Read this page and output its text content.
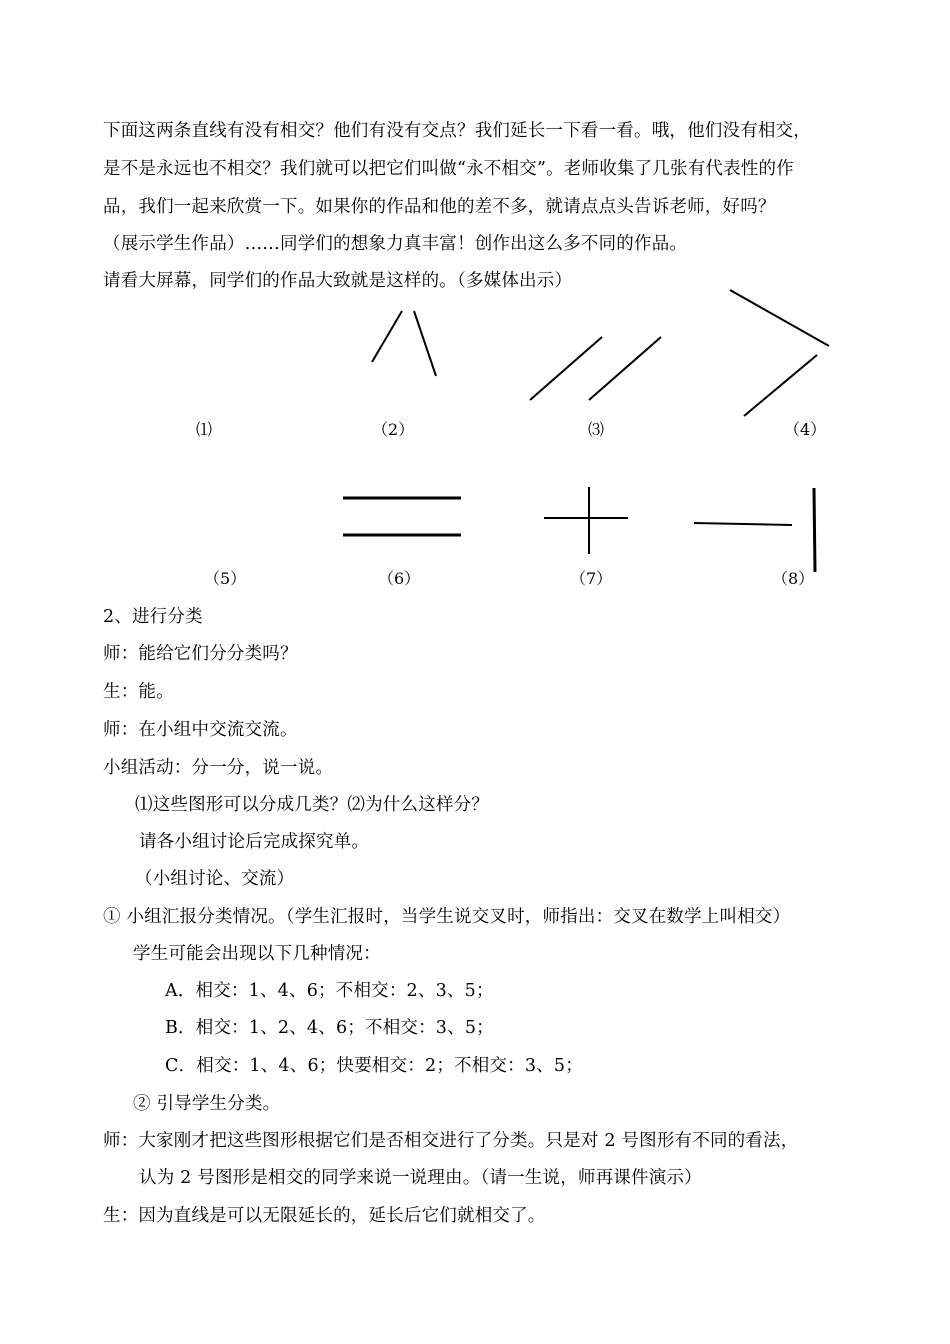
下面这两条直线有没有相交？他们有没有交点？我们延长一下看一看。哦，他们没有相交，
是不是永远也不相交？我们就可以把它们叫做“永不相交”。老师收集了几张有代表性的作
品，我们一起来欣赏一下。如果你的作品和他的差不多，就请点点头告诉老师，好吗？
（展示学生作品）……同学们的想象力真丰富！创作出这么多不同的作品。
请看大屏幕，同学们的作品大致就是这样的。（多媒体出示）
⑴	（2）	⑶	（4）
（5）	（6）	（7）	（8）
2、进行分类
师：能给它们分分类吗？
生：能。
师：在小组中交流交流。
小组活动：分一分，说一说。
⑴这些图形可以分成几类？⑵为什么这样分？
请各小组讨论后完成探究单。
（小组讨论、交流）
① 小组汇报分类情况。（学生汇报时，当学生说交叉时，师指出：交叉在数学上叫相交）
学生可能会出现以下几种情况：
A．相交：1、4、6；不相交：2、3、5；
B．相交：1、2、4、6；不相交：3、5；
C．相交：1、4、6；快要相交：2；不相交：3、5；
② 引导学生分类。
师：大家刚才把这些图形根据它们是否相交进行了分类。只是对 2 号图形有不同的看法，
认为 2 号图形是相交的同学来说一说理由。（请一生说，师再课件演示）
生：因为直线是可以无限延长的，延长后它们就相交了。
